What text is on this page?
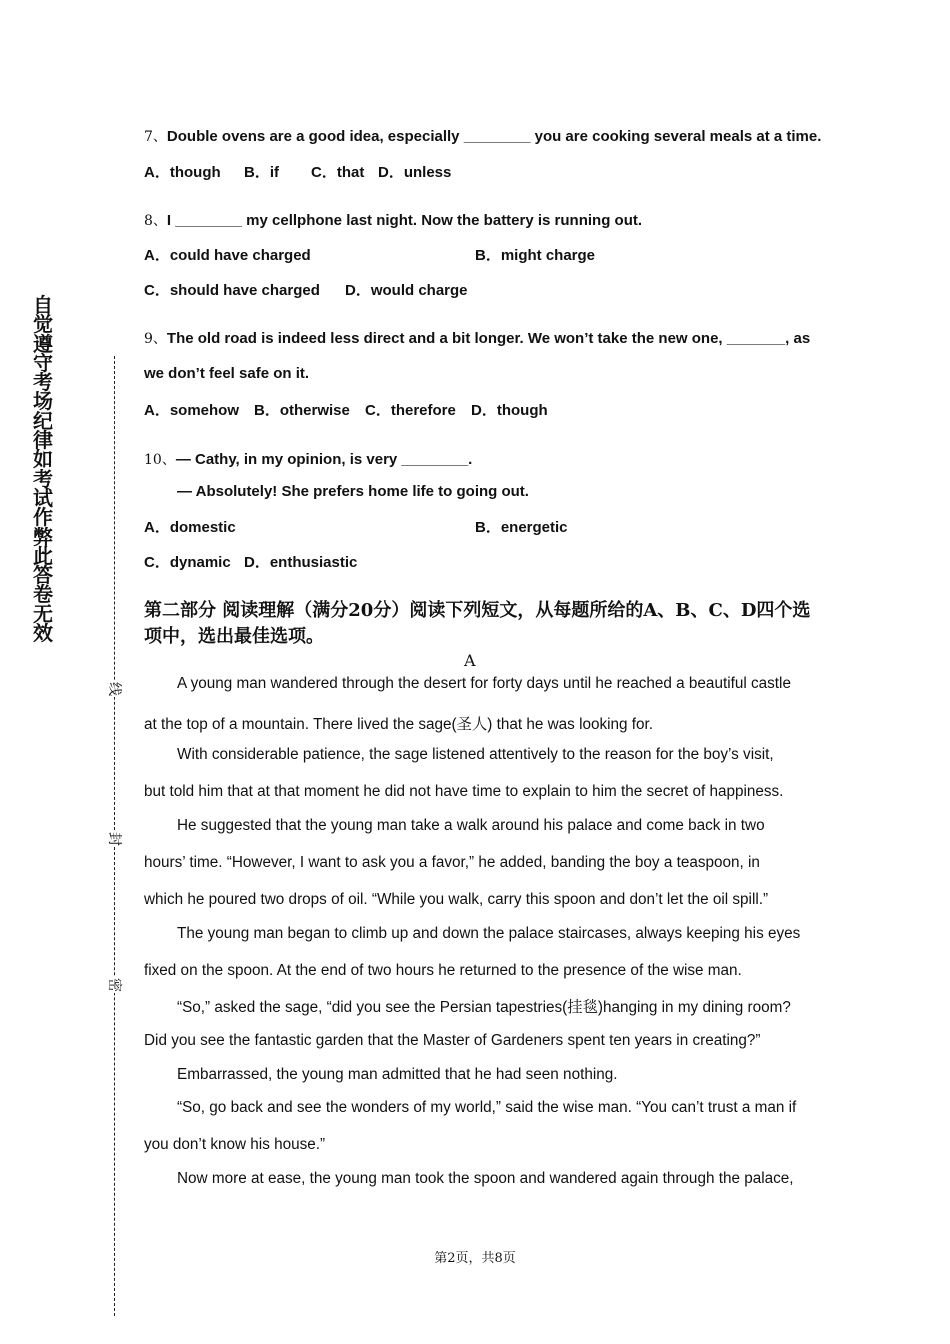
自觉遵守考场纪律如考试作弊此答卷无效
线
封
密
7、Double ovens are a good idea, especially ________ you are cooking several meals at a time.
A．though B．if C．that D．unless
8、I ________ my cellphone last night. Now the battery is running out.
A．could have charged	B．might charge
C．should have charged D．would charge
9、The old road is indeed less direct and a bit longer. We won’t take the new one, _______, as
we don’t feel safe on it.
A．somehow B．otherwise C．therefore D．though
10、— Cathy, in my opinion, is very ________.
— Absolutely! She prefers home life to going out.
A．domestic	B．energetic
C．dynamic D．enthusiastic
第二部分 阅读理解（满分20分）阅读下列短文，从每题所给的A、B、C、D四个选项中，选出最佳选项。
A
A young man wandered through the desert for forty days until he reached a beautiful castle
at the top of a mountain. There lived the sage(圣人) that he was looking for.
With considerable patience, the sage listened attentively to the reason for the boy’s visit,
but told him that at that moment he did not have time to explain to him the secret of happiness.
He suggested that the young man take a walk around his palace and come back in two
hours’ time. “However, I want to ask you a favor,” he added, banding the boy a teaspoon, in
which he poured two drops of oil. “While you walk, carry this spoon and don’t let the oil spill.”
The young man began to climb up and down the palace staircases, always keeping his eyes
fixed on the spoon. At the end of two hours he returned to the presence of the wise man.
“So,” asked the sage, “did you see the Persian tapestries(挂毯)hanging in my dining room?
Did you see the fantastic garden that the Master of Gardeners spent ten years in creating?”
Embarrassed, the young man admitted that he had seen nothing.
“So, go back and see the wonders of my world,” said the wise man. “You can’t trust a man if
you don’t know his house.”
Now more at ease, the young man took the spoon and wandered again through the palace,
第2页，共8页
